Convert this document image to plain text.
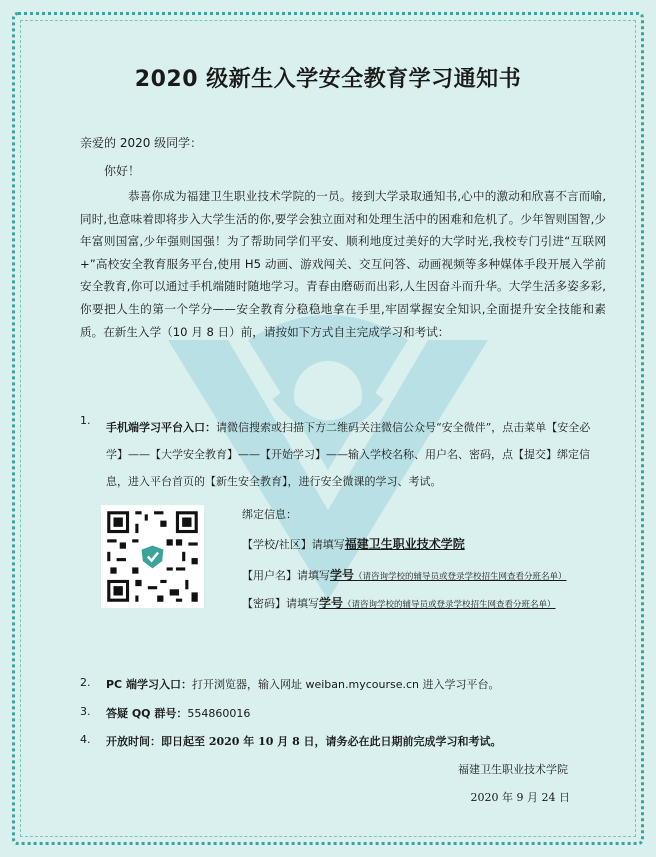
2020 级新生入学安全教育学习通知书
亲爱的 2020 级同学：
你好！
恭喜你成为福建卫生职业技术学院的一员。接到大学录取通知书,心中的激动和欣喜不言而喻,同时,也意味着即将步入大学生活的你,要学会独立面对和处理生活中的困难和危机了。少年智则国智,少年富则国富,少年强则国强！为了帮助同学们平安、顺利地度过美好的大学时光,我校专门引进“互联网+”高校安全教育服务平台,使用 H5 动画、游戏闯关、交互问答、动画视频等多种媒体手段开展入学前安全教育,你可以通过手机端随时随地学习。青春由磨砺而出彩,人生因奋斗而升华。大学生活多姿多彩,你要把人生的第一个学分——安全教育分稳稳地拿在手里,牢固掌握安全知识,全面提升安全技能和素质。在新生入学（10 月 8 日）前，请按如下方式自主完成学习和考试：
1.
手机端学习平台入口：请微信搜索或扫描下方二维码关注微信公众号“安全微伴”，点击菜单【安全必学】——【大学安全教育】——【开始学习】——输入学校名称、用户名、密码，点【提交】绑定信息，进入平台首页的【新生安全教育】，进行安全微课的学习、考试。
绑定信息：
【学校/社区】请填写福建卫生职业技术学院
【用户名】请填写学号（请咨询学校的辅导员或登录学校招生网查看分班名单）
【密码】请填写学号（请咨询学校的辅导员或登录学校招生网查看分班名单）
2.	PC 端学习入口：打开浏览器，输入网址 weiban.mycourse.cn 进入学习平台。
3.	答疑 QQ 群号：554860016
4.	开放时间：即日起至 2020 年 10 月 8 日，请务必在此日期前完成学习和考试。
福建卫生职业技术学院
2020 年 9 月 24 日
